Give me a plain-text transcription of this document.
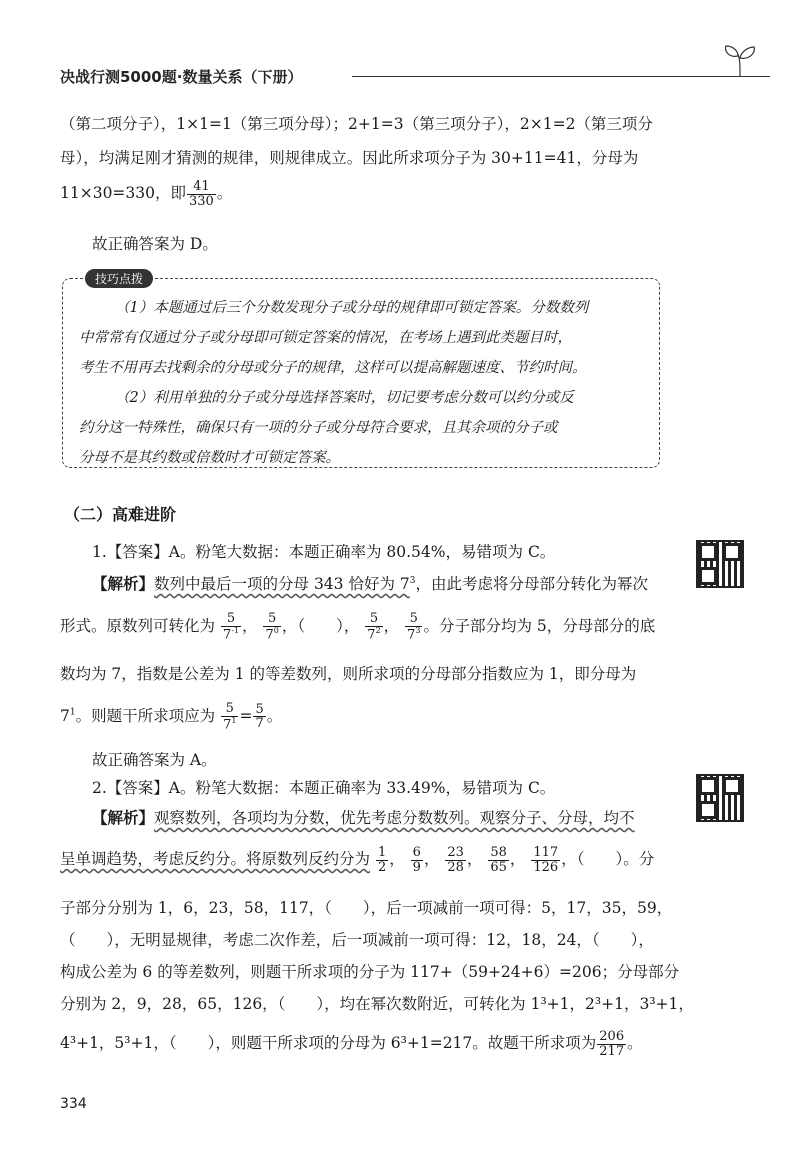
决战行测5000题·数量关系（下册）
（第二项分子），1×1=1（第三项分母）；2+1=3（第三项分子），2×1=2（第三项分
母），均满足刚才猜测的规律，则规律成立。因此所求项分子为 30+11=41，分母为
11×30=330，即 $\frac{41}{330}$ 。
故正确答案为 D。
技巧点拨
（1）本题通过后三个分数发现分子或分母的规律即可锁定答案。分数数列
中常常有仅通过分子或分母即可锁定答案的情况，在考场上遇到此类题目时，
考生不用再去找剩余的分母或分子的规律，这样可以提高解题速度、节约时间。
（2）利用单独的分子或分母选择答案时，切记要考虑分数可以约分或反
约分这一特殊性，确保只有一项的分子或分母符合要求，且其余项的分子或
分母不是其约数或倍数时才可锁定答案。
（二）高难进阶
1.【答案】A。粉笔大数据：本题正确率为 80.54%，易错项为 C。
【解析】数列中最后一项的分母 343 恰好为 $7^3$，由此考虑将分母部分转化为幂次
形式。原数列可转化为 $\frac{5}{7^{-1}}$ ， $\frac{5}{7^0}$ ，（　　）， $\frac{5}{7^2}$ ， $\frac{5}{7^3}$ 。分子部分均为 5，分母部分的底
数均为 7，指数是公差为 1 的等差数列，则所求项的分母部分指数应为 1，即分母为
$7^1$。则题干所求项应为 $\frac{5}{7^1} = \frac{5}{7}$ 。
故正确答案为 A。
2.【答案】A。粉笔大数据：本题正确率为 33.49%，易错项为 C。
【解析】观察数列，各项均为分数，优先考虑分数数列。观察分子、分母，均不
呈单调趋势，考虑反约分。将原数列反约分为 $\frac{1}{2}$ ， $\frac{6}{9}$ ， $\frac{23}{28}$ ， $\frac{58}{65}$ ， $\frac{117}{126}$ ，（　　）。分
子部分分别为 1，6，23，58，117，（　　），后一项减前一项可得：5，17，35，59，
（　　），无明显规律，考虑二次作差，后一项减前一项可得：12，18，24，（　　），
构成公差为 6 的等差数列，则题干所求项的分子为 117+（59+24+6）=206；分母部分
分别为 2，9，28，65，126，（　　），均在幂次数附近，可转化为 1³+1，2³+1，3³+1，
4³+1，5³+1，（　　），则题干所求项的分母为 6³+1=217。故题干所求项为 $\frac{206}{217}$ 。
334
